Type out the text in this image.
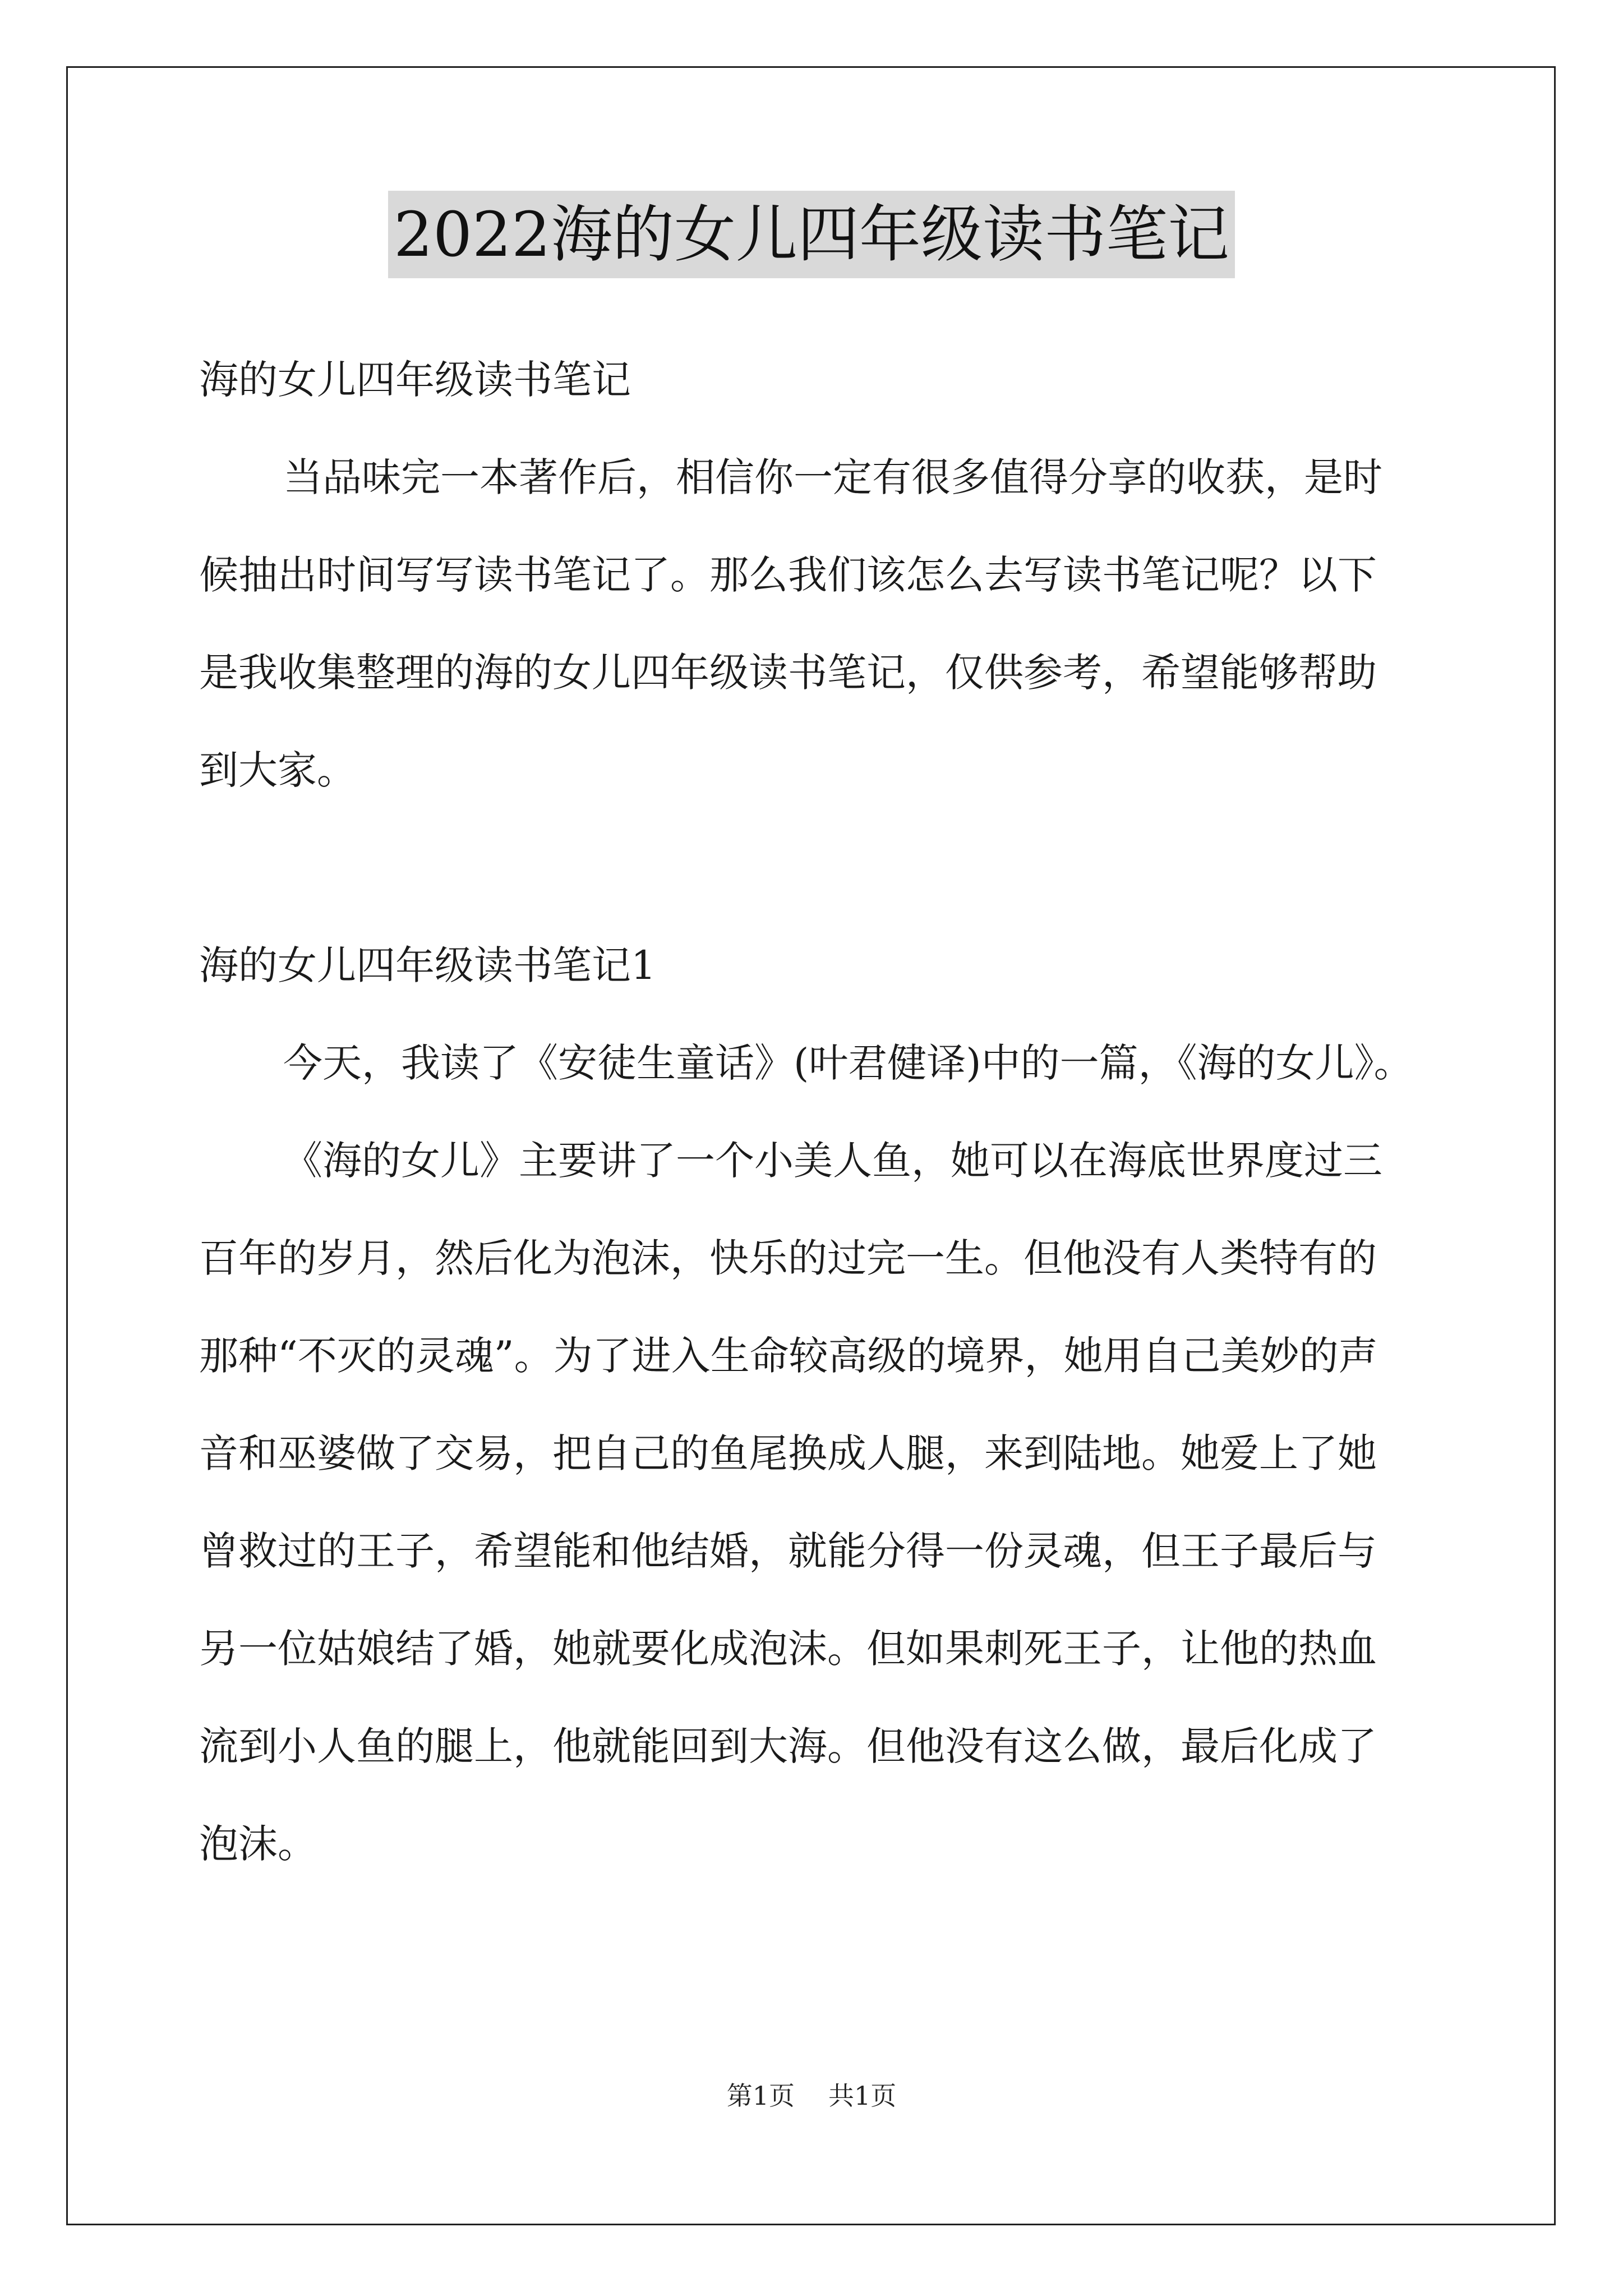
2022海的女儿四年级读书笔记
海的女儿四年级读书笔记
当品味完一本著作后，相信你一定有很多值得分享的收获，是时
候抽出时间写写读书笔记了。那么我们该怎么去写读书笔记呢？以下
是我收集整理的海的女儿四年级读书笔记，仅供参考，希望能够帮助
到大家。
海的女儿四年级读书笔记1
今天，我读了《安徒生童话》(叶君健译)中的一篇，《海的女儿》。
《海的女儿》主要讲了一个小美人鱼，她可以在海底世界度过三
百年的岁月，然后化为泡沫，快乐的过完一生。但他没有人类特有的
那种“不灭的灵魂”。为了进入生命较高级的境界，她用自己美妙的声
音和巫婆做了交易，把自己的鱼尾换成人腿，来到陆地。她爱上了她
曾救过的王子，希望能和他结婚，就能分得一份灵魂，但王子最后与
另一位姑娘结了婚，她就要化成泡沫。但如果刺死王子，让他的热血
流到小人鱼的腿上，他就能回到大海。但他没有这么做，最后化成了
泡沫。
第1页 共1页
